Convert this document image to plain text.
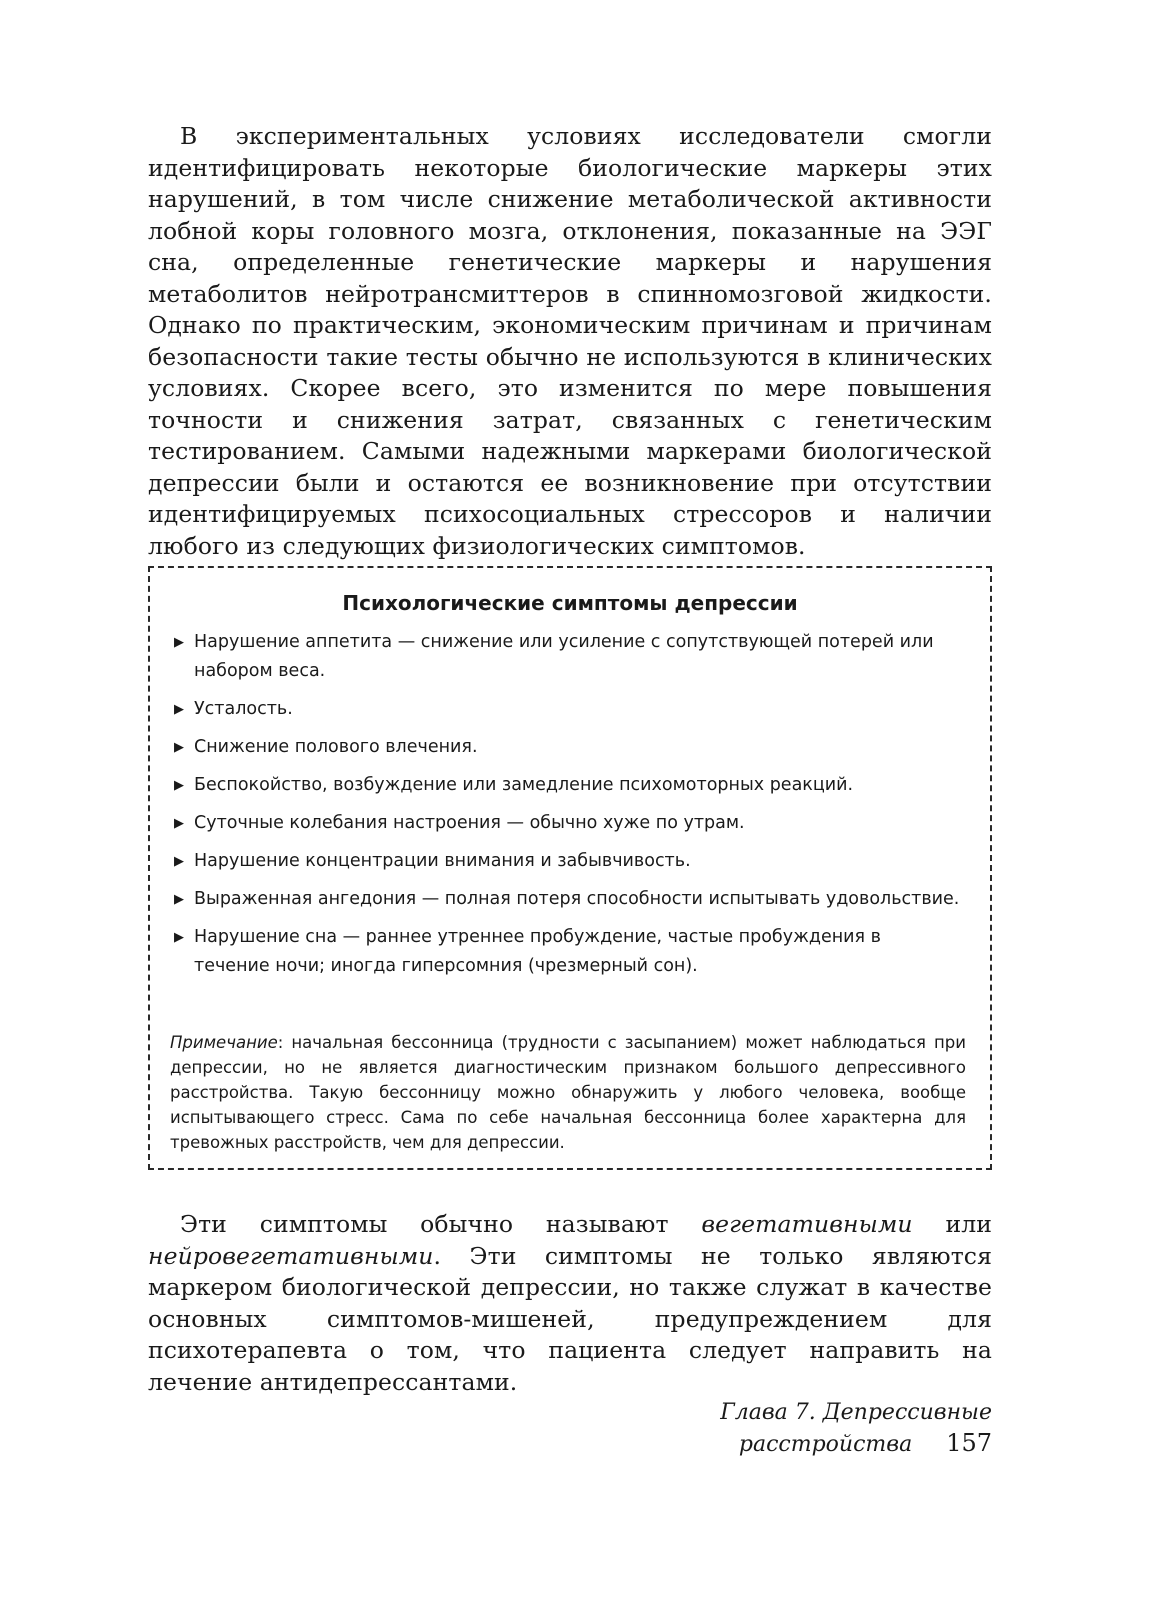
В экспериментальных условиях исследователи смогли идентифицировать некоторые биологические маркеры этих нарушений, в том числе снижение метаболической активности лобной коры головного мозга, отклонения, показанные на ЭЭГ сна, определенные генетические маркеры и нарушения метаболитов нейротрансмиттеров в спинномозговой жидкости. Однако по практическим, экономическим причинам и причинам безопасности такие тесты обычно не используются в клинических условиях. Скорее всего, это изменится по мере повышения точности и снижения затрат, связанных с генетическим тестированием. Самыми надежными маркерами биологической депрессии были и остаются ее возникновение при отсутствии идентифицируемых психосоциальных стрессоров и наличии любого из следующих физиологических симптомов.

Психологические симптомы депрессии
▶ Нарушение аппетита — снижение или усиление с сопутствующей потерей или набором веса.
▶ Усталость.
▶ Снижение полового влечения.
▶ Беспокойство, возбуждение или замедление психомоторных реакций.
▶ Суточные колебания настроения — обычно хуже по утрам.
▶ Нарушение концентрации внимания и забывчивость.
▶ Выраженная ангедония — полная потеря способности испытывать удовольствие.
▶ Нарушение сна — раннее утреннее пробуждение, частые пробуждения в течение ночи; иногда гиперсомния (чрезмерный сон).

Примечание: начальная бессонница (трудности с засыпанием) может наблюдаться при депрессии, но не является диагностическим признаком большого депрессивного расстройства. Такую бессонницу можно обнаружить у любого человека, вообще испытывающего стресс. Сама по себе начальная бессонница более характерна для тревожных расстройств, чем для депрессии.

Эти симптомы обычно называют вегетативными или нейровегетативными. Эти симптомы не только являются маркером биологической депрессии, но также служат в качестве основных симптомов-мишеней, предупреждением для психотерапевта о том, что пациента следует направить на лечение антидепрессантами.

Глава 7. Депрессивные расстройства 157
